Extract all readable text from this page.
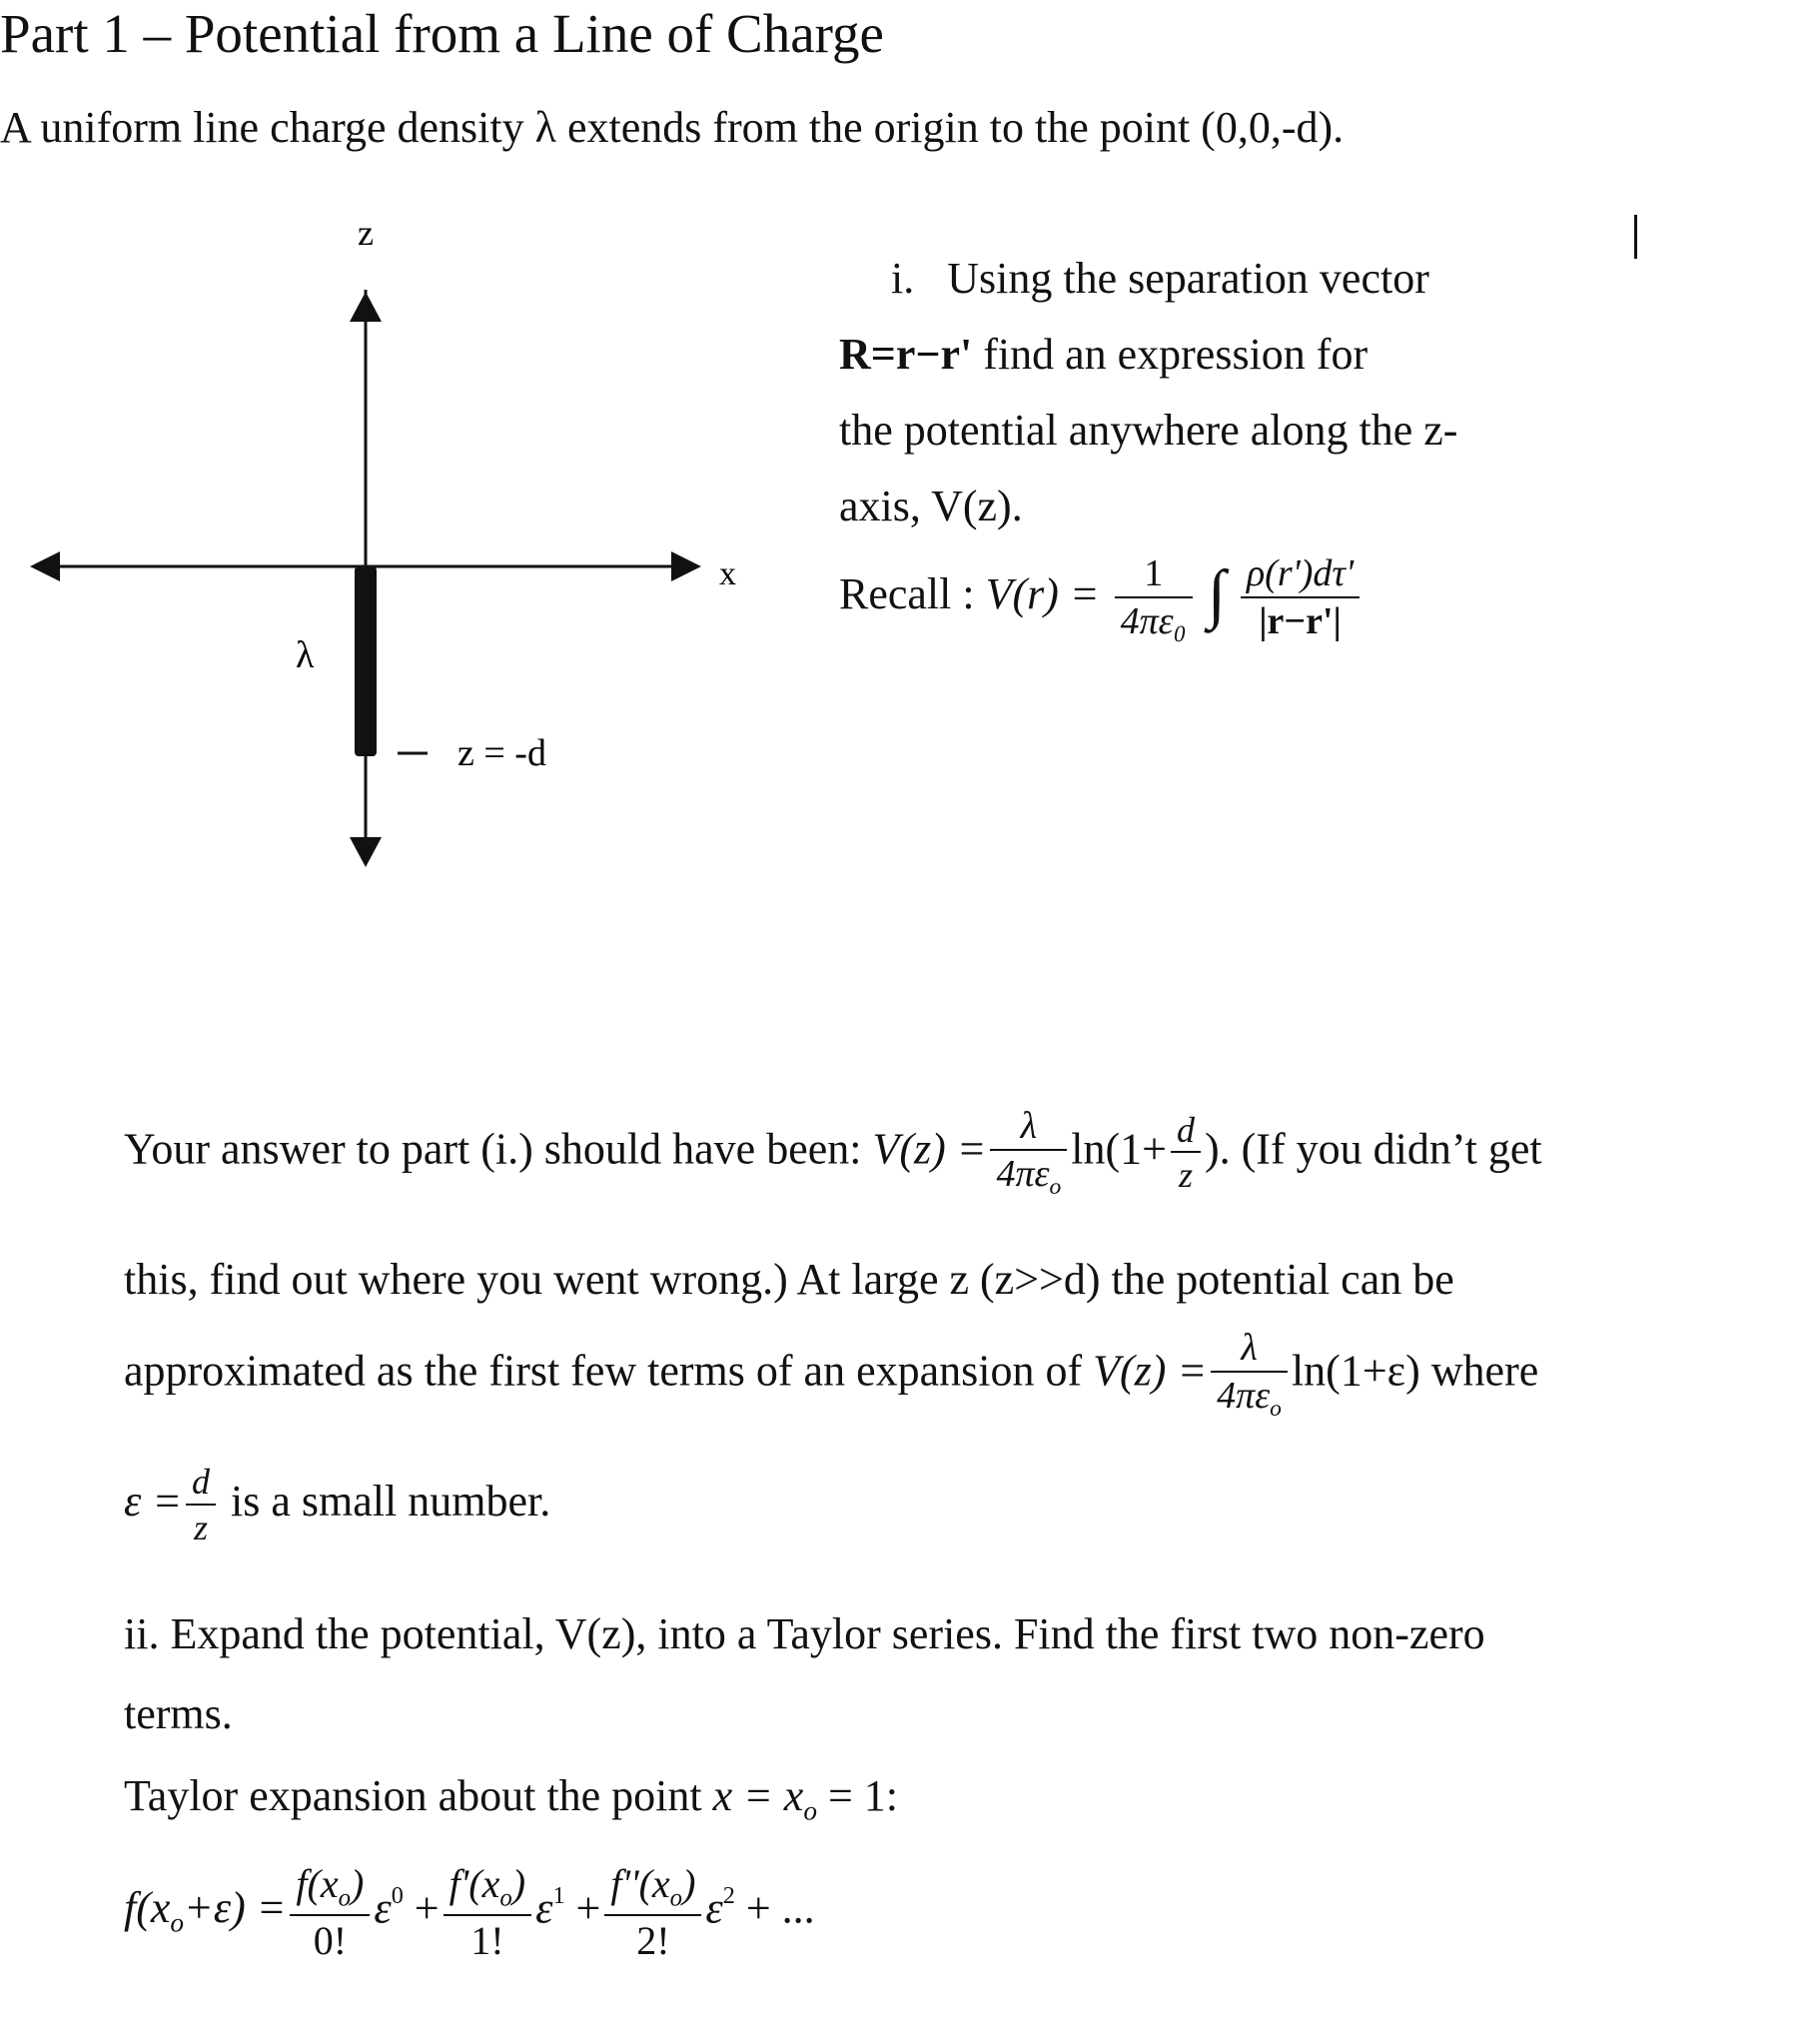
Part 1 – Potential from a Line of Charge
A uniform line charge density λ extends from the origin to the point (0,0,-d).
z
x
λ
z = -d
i. Using the separation vector
R=r−r' find an expression for
the potential anywhere along the z-
axis, V(z).
Recall : $V(r) = \frac{1}{\text{4πε₀}}$ ∫ $\frac{\rho(r')d\tau'}{|r-r'|}$
Your answer to part (i.) should have been: $V(z) = \frac{\lambda}{4\pi\varepsilon_o} \ln(1+ \frac{d}{z}$ ). (If you didn’t get
this, find out where you went wrong.) At large z (z>>d) the potential can be
approximated as the first few terms of an expansion of $V(z) = \frac{\lambda}{4\pi\varepsilon_o} \ln(1+\varepsilon)$ where
$\varepsilon = \frac{d}{z}$ is a small number.
ii. Expand the potential, V(z), into a Taylor series. Find the first two non-zero
terms.
Taylor expansion about the point $x = x_o = 1$:
$f(x_o+\varepsilon) = \frac{f(x_o)}{0!} \varepsilon^0 + \frac{f'(x_o)}{1!} \varepsilon^1 + \frac{f''(x_o)}{2!} \varepsilon^2$ + ...
